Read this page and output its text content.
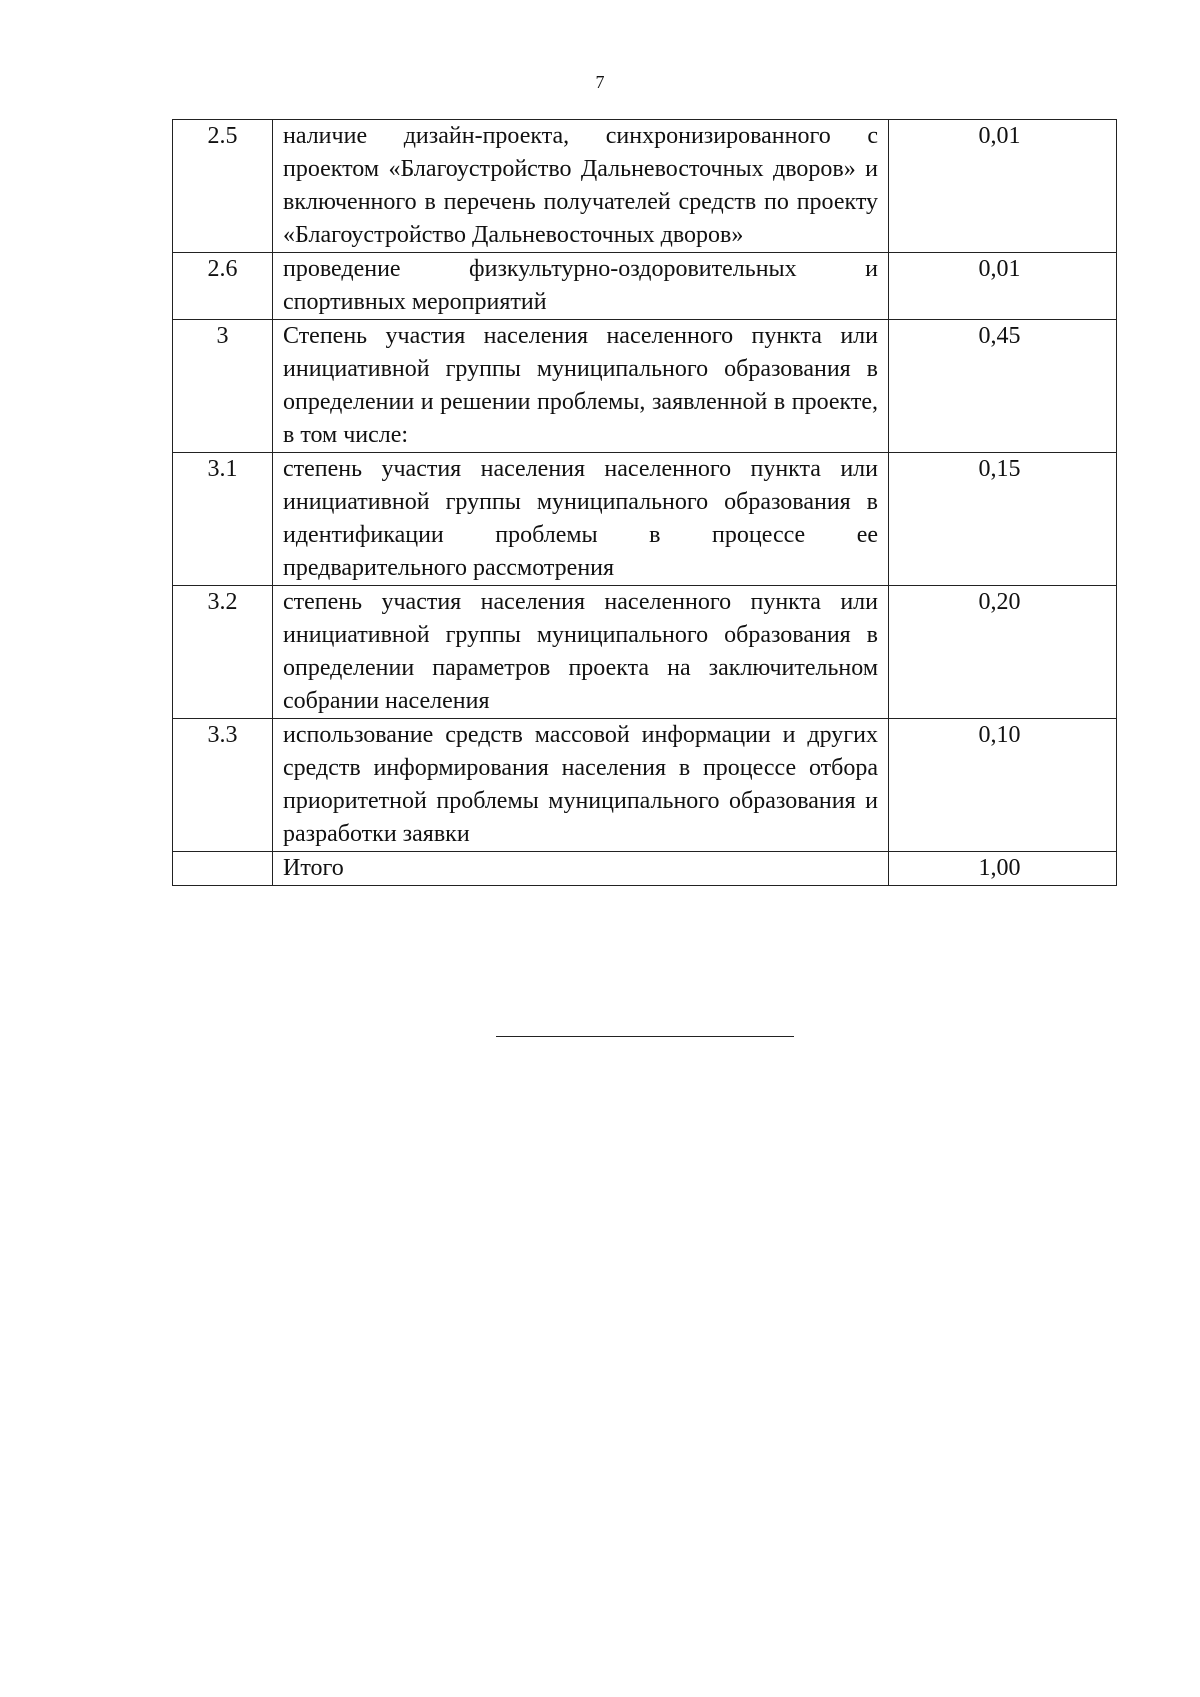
7
2.5	наличие дизайн-проекта, синхронизированного с проектом «Благоустройство Дальневосточных дворов» и включенного в перечень получателей средств по проекту «Благоустройство Дальневосточных дворов»	0,01
2.6	проведение физкультурно-оздоровительных и спортивных мероприятий	0,01
3	Степень участия населения населенного пункта или инициативной группы муниципального образования в определении и решении проблемы, заявленной в проекте, в том числе:	0,45
3.1	степень участия населения населенного пункта или инициативной группы муниципального образования в идентификации проблемы в процессе ее предварительного рассмотрения	0,15
3.2	степень участия населения населенного пункта или инициативной группы муниципального образования в определении параметров проекта на заключительном собрании населения	0,20
3.3	использование средств массовой информации и других средств информирования населения в процессе отбора приоритетной проблемы муниципального образования и разработки заявки	0,10
	Итого	1,00
